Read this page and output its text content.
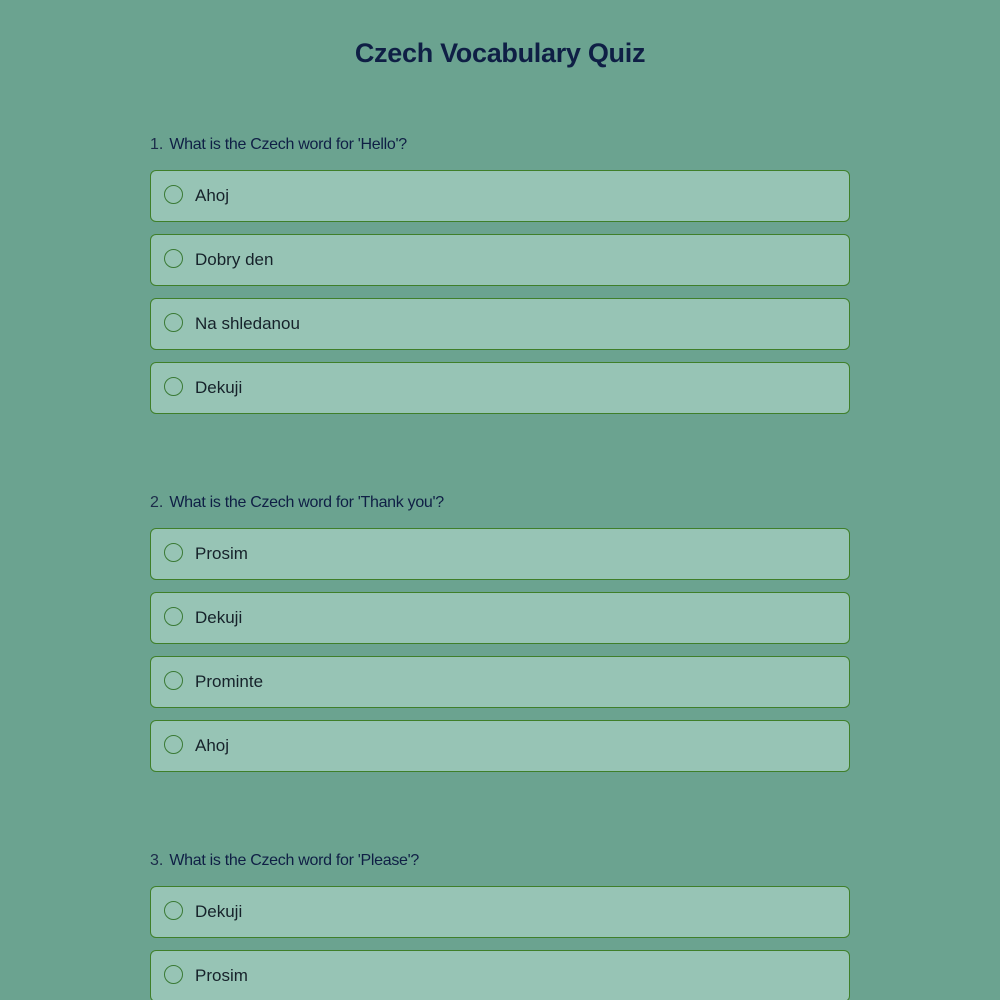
Czech Vocabulary Quiz
1. What is the Czech word for 'Hello'?
Ahoj
Dobry den
Na shledanou
Dekuji
2. What is the Czech word for 'Thank you'?
Prosim
Dekuji
Prominte
Ahoj
3. What is the Czech word for 'Please'?
Dekuji
Prosim
